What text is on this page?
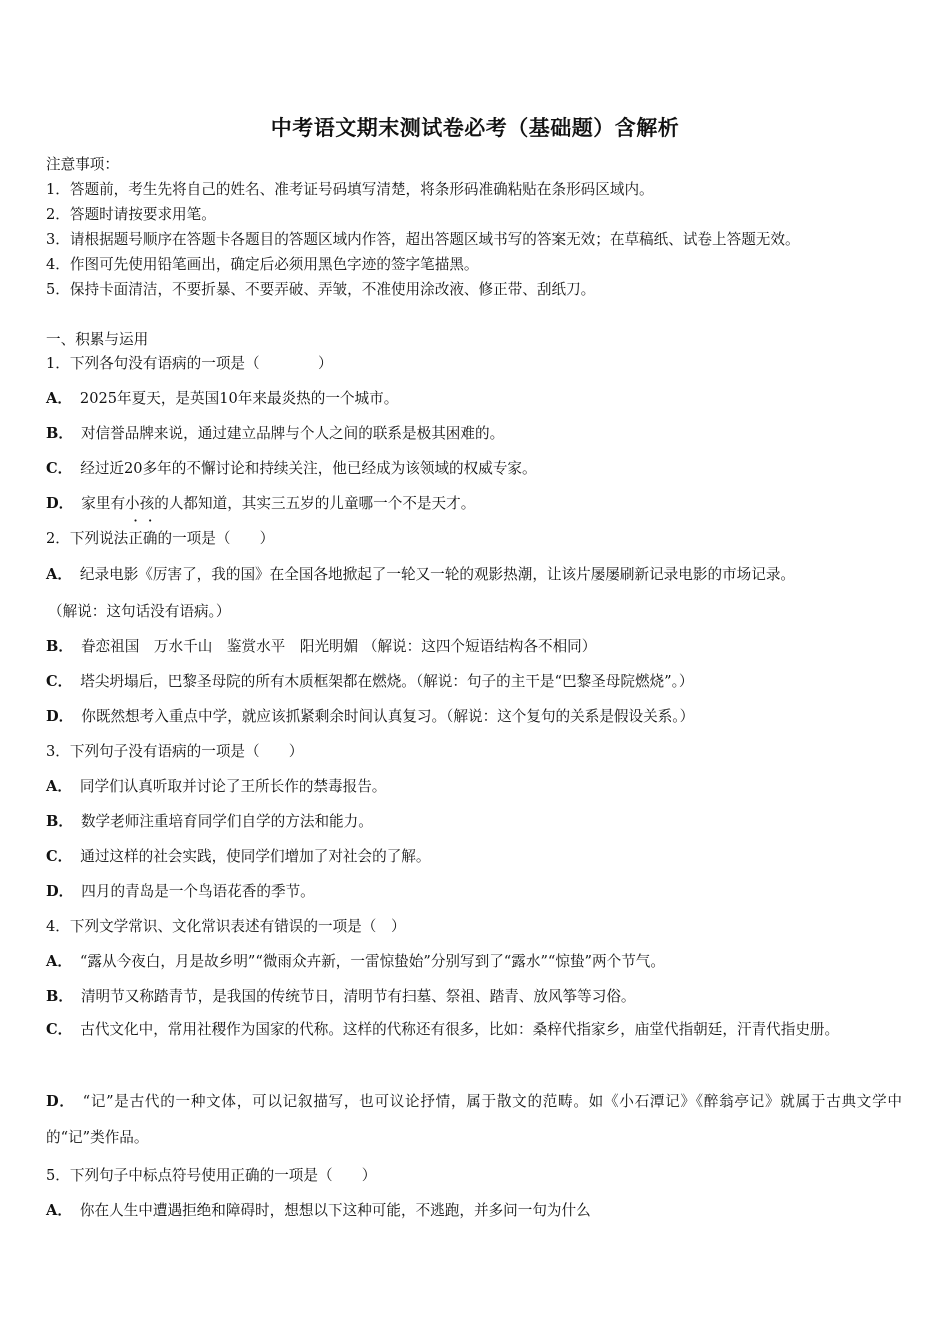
中考语文期末测试卷必考（基础题）含解析
注意事项：
1．答题前，考生先将自己的姓名、准考证号码填写清楚，将条形码准确粘贴在条形码区域内。
2．答题时请按要求用笔。
3．请根据题号顺序在答题卡各题目的答题区域内作答，超出答题区域书写的答案无效；在草稿纸、试卷上答题无效。
4．作图可先使用铅笔画出，确定后必须用黑色字迹的签字笔描黑。
5．保持卡面清洁，不要折暴、不要弄破、弄皱，不准使用涂改液、修正带、刮纸刀。
一、积累与运用
1．下列各句没有语病的一项是（　　　　）
A． 2025年夏天，是英国10年来最炎热的一个城市。
B． 对信誉品牌来说，通过建立品牌与个人之间的联系是极其困难的。
C． 经过近20多年的不懈讨论和持续关注，他已经成为该领域的权威专家。
D． 家里有小孩的人都知道，其实三五岁的儿童哪一个不是天才。
2．下列说法正确的一项是（　　）
A． 纪录电影《厉害了，我的国》在全国各地掀起了一轮又一轮的观影热潮，让该片屡屡刷新记录电影的市场记录。
（解说：这句话没有语病。）
B． 眷恋祖国　万水千山　鉴赏水平　阳光明媚 （解说：这四个短语结构各不相同）
C． 塔尖坍塌后，巴黎圣母院的所有木质框架都在燃烧。（解说：句子的主干是“巴黎圣母院燃烧”。）
D． 你既然想考入重点中学，就应该抓紧剩余时间认真复习。（解说：这个复句的关系是假设关系。）
3．下列句子没有语病的一项是（　　）
A． 同学们认真听取并讨论了王所长作的禁毒报告。
B． 数学老师注重培育同学们自学的方法和能力。
C． 通过这样的社会实践，使同学们增加了对社会的了解。
D． 四月的青岛是一个鸟语花香的季节。
4．下列文学常识、文化常识表述有错误的一项是（　）
A． “露从今夜白，月是故乡明”“微雨众卉新，一雷惊蛰始”分别写到了“露水”“惊蛰”两个节气。
B． 清明节又称踏青节，是我国的传统节日，清明节有扫墓、祭祖、踏青、放风筝等习俗。
C． 古代文化中，常用社稷作为国家的代称。这样的代称还有很多，比如：桑梓代指家乡，庙堂代指朝廷，汗青代指史册。
D． “记”是古代的一种文体，可以记叙描写，也可议论抒情，属于散文的范畴。如《小石潭记》《醉翁亭记》就属于古典文学中的“记”类作品。
5．下列句子中标点符号使用正确的一项是（　　）
A． 你在人生中遭遇拒绝和障碍时，想想以下这种可能，不逃跑，并多问一句为什么
